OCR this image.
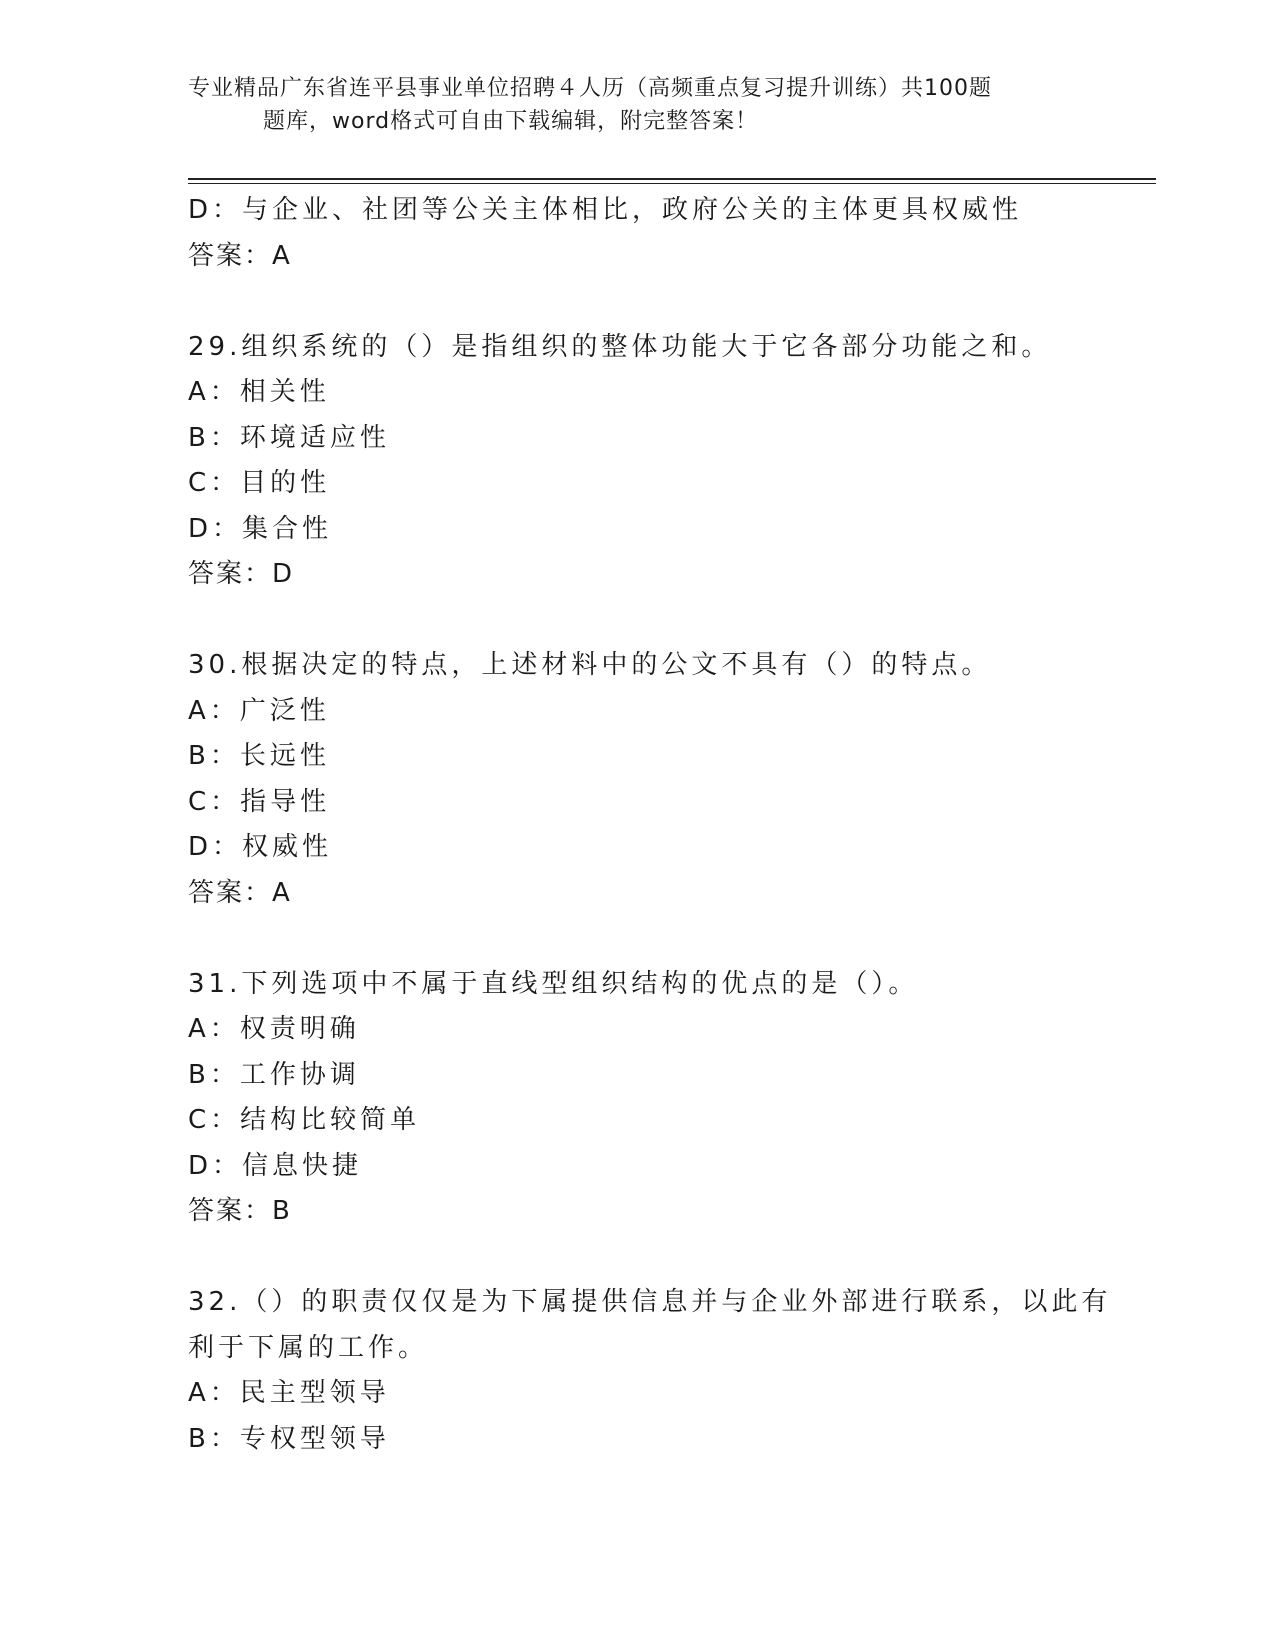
专业精品广东省连平县事业单位招聘４人历（高频重点复习提升训练）共100题
题库，word格式可自由下载编辑，附完整答案！
D：与企业、社团等公关主体相比，政府公关的主体更具权威性
答案：A
29.组织系统的（）是指组织的整体功能大于它各部分功能之和。
A：相关性
B：环境适应性
C：目的性
D：集合性
答案：D
30.根据决定的特点，上述材料中的公文不具有（）的特点。
A：广泛性
B：长远性
C：指导性
D：权威性
答案：A
31.下列选项中不属于直线型组织结构的优点的是（）。
A：权责明确
B：工作协调
C：结构比较简单
D：信息快捷
答案：B
32.（）的职责仅仅是为下属提供信息并与企业外部进行联系，以此有
利于下属的工作。
A：民主型领导
B：专权型领导
